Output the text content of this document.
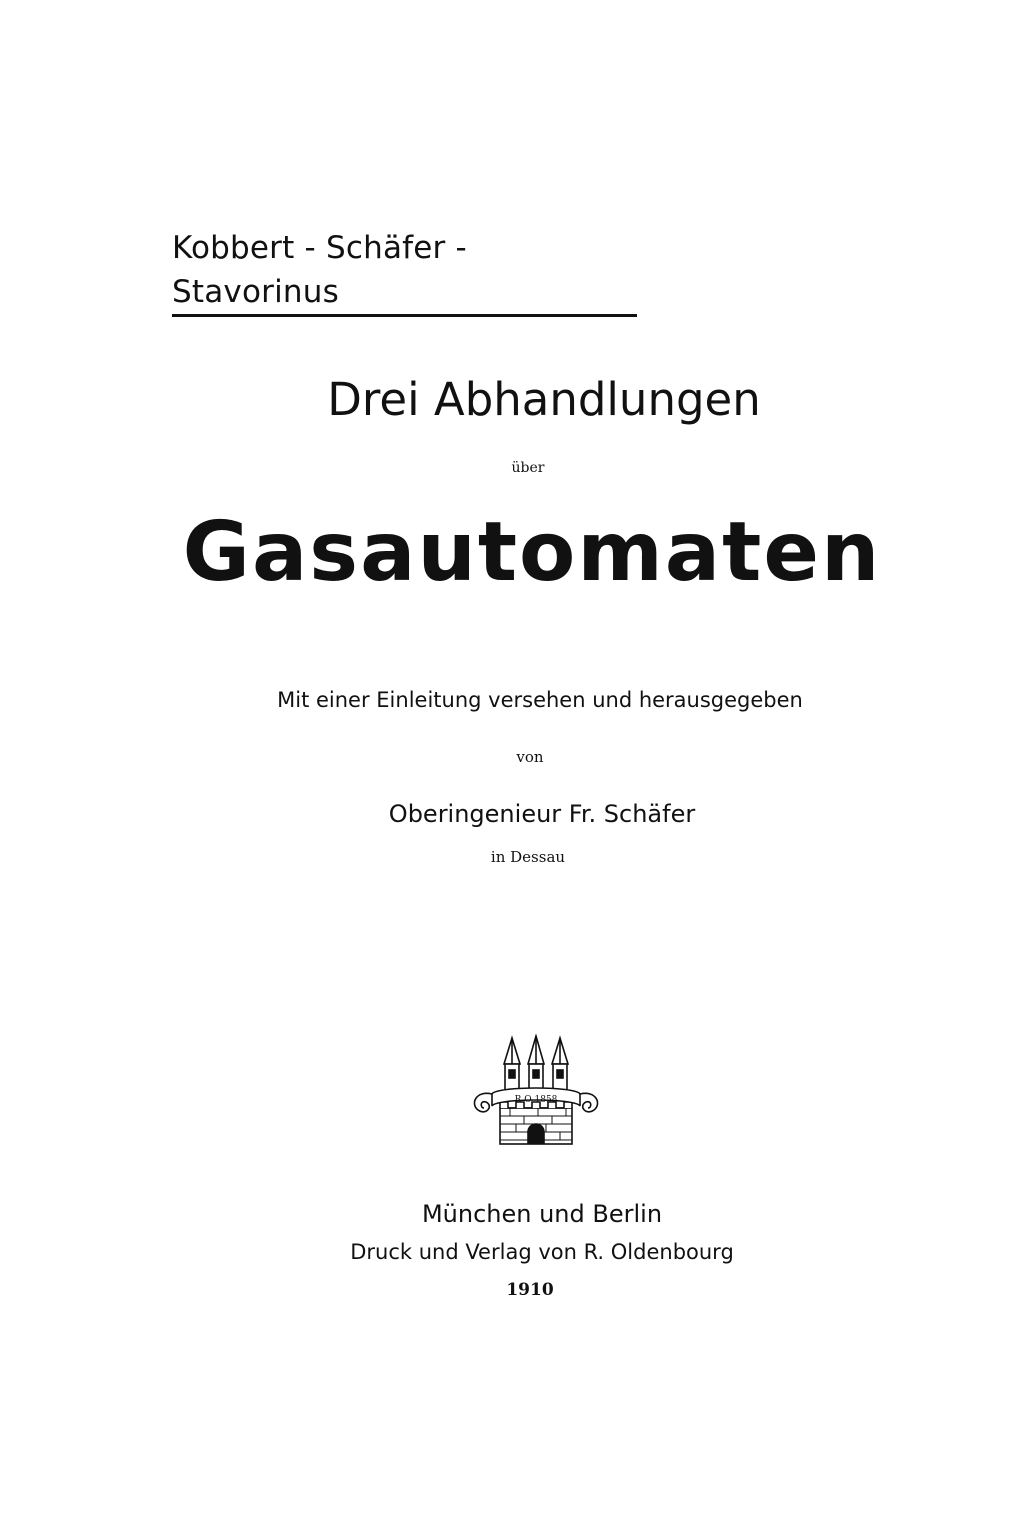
Kobbert - Schäfer - Stavorinus
Drei Abhandlungen
über
Gasautomaten
Mit einer Einleitung versehen und herausgegeben
von
Oberingenieur Fr. Schäfer
in Dessau
R O 1858
München und Berlin
Druck und Verlag von R. Oldenbourg
1910
